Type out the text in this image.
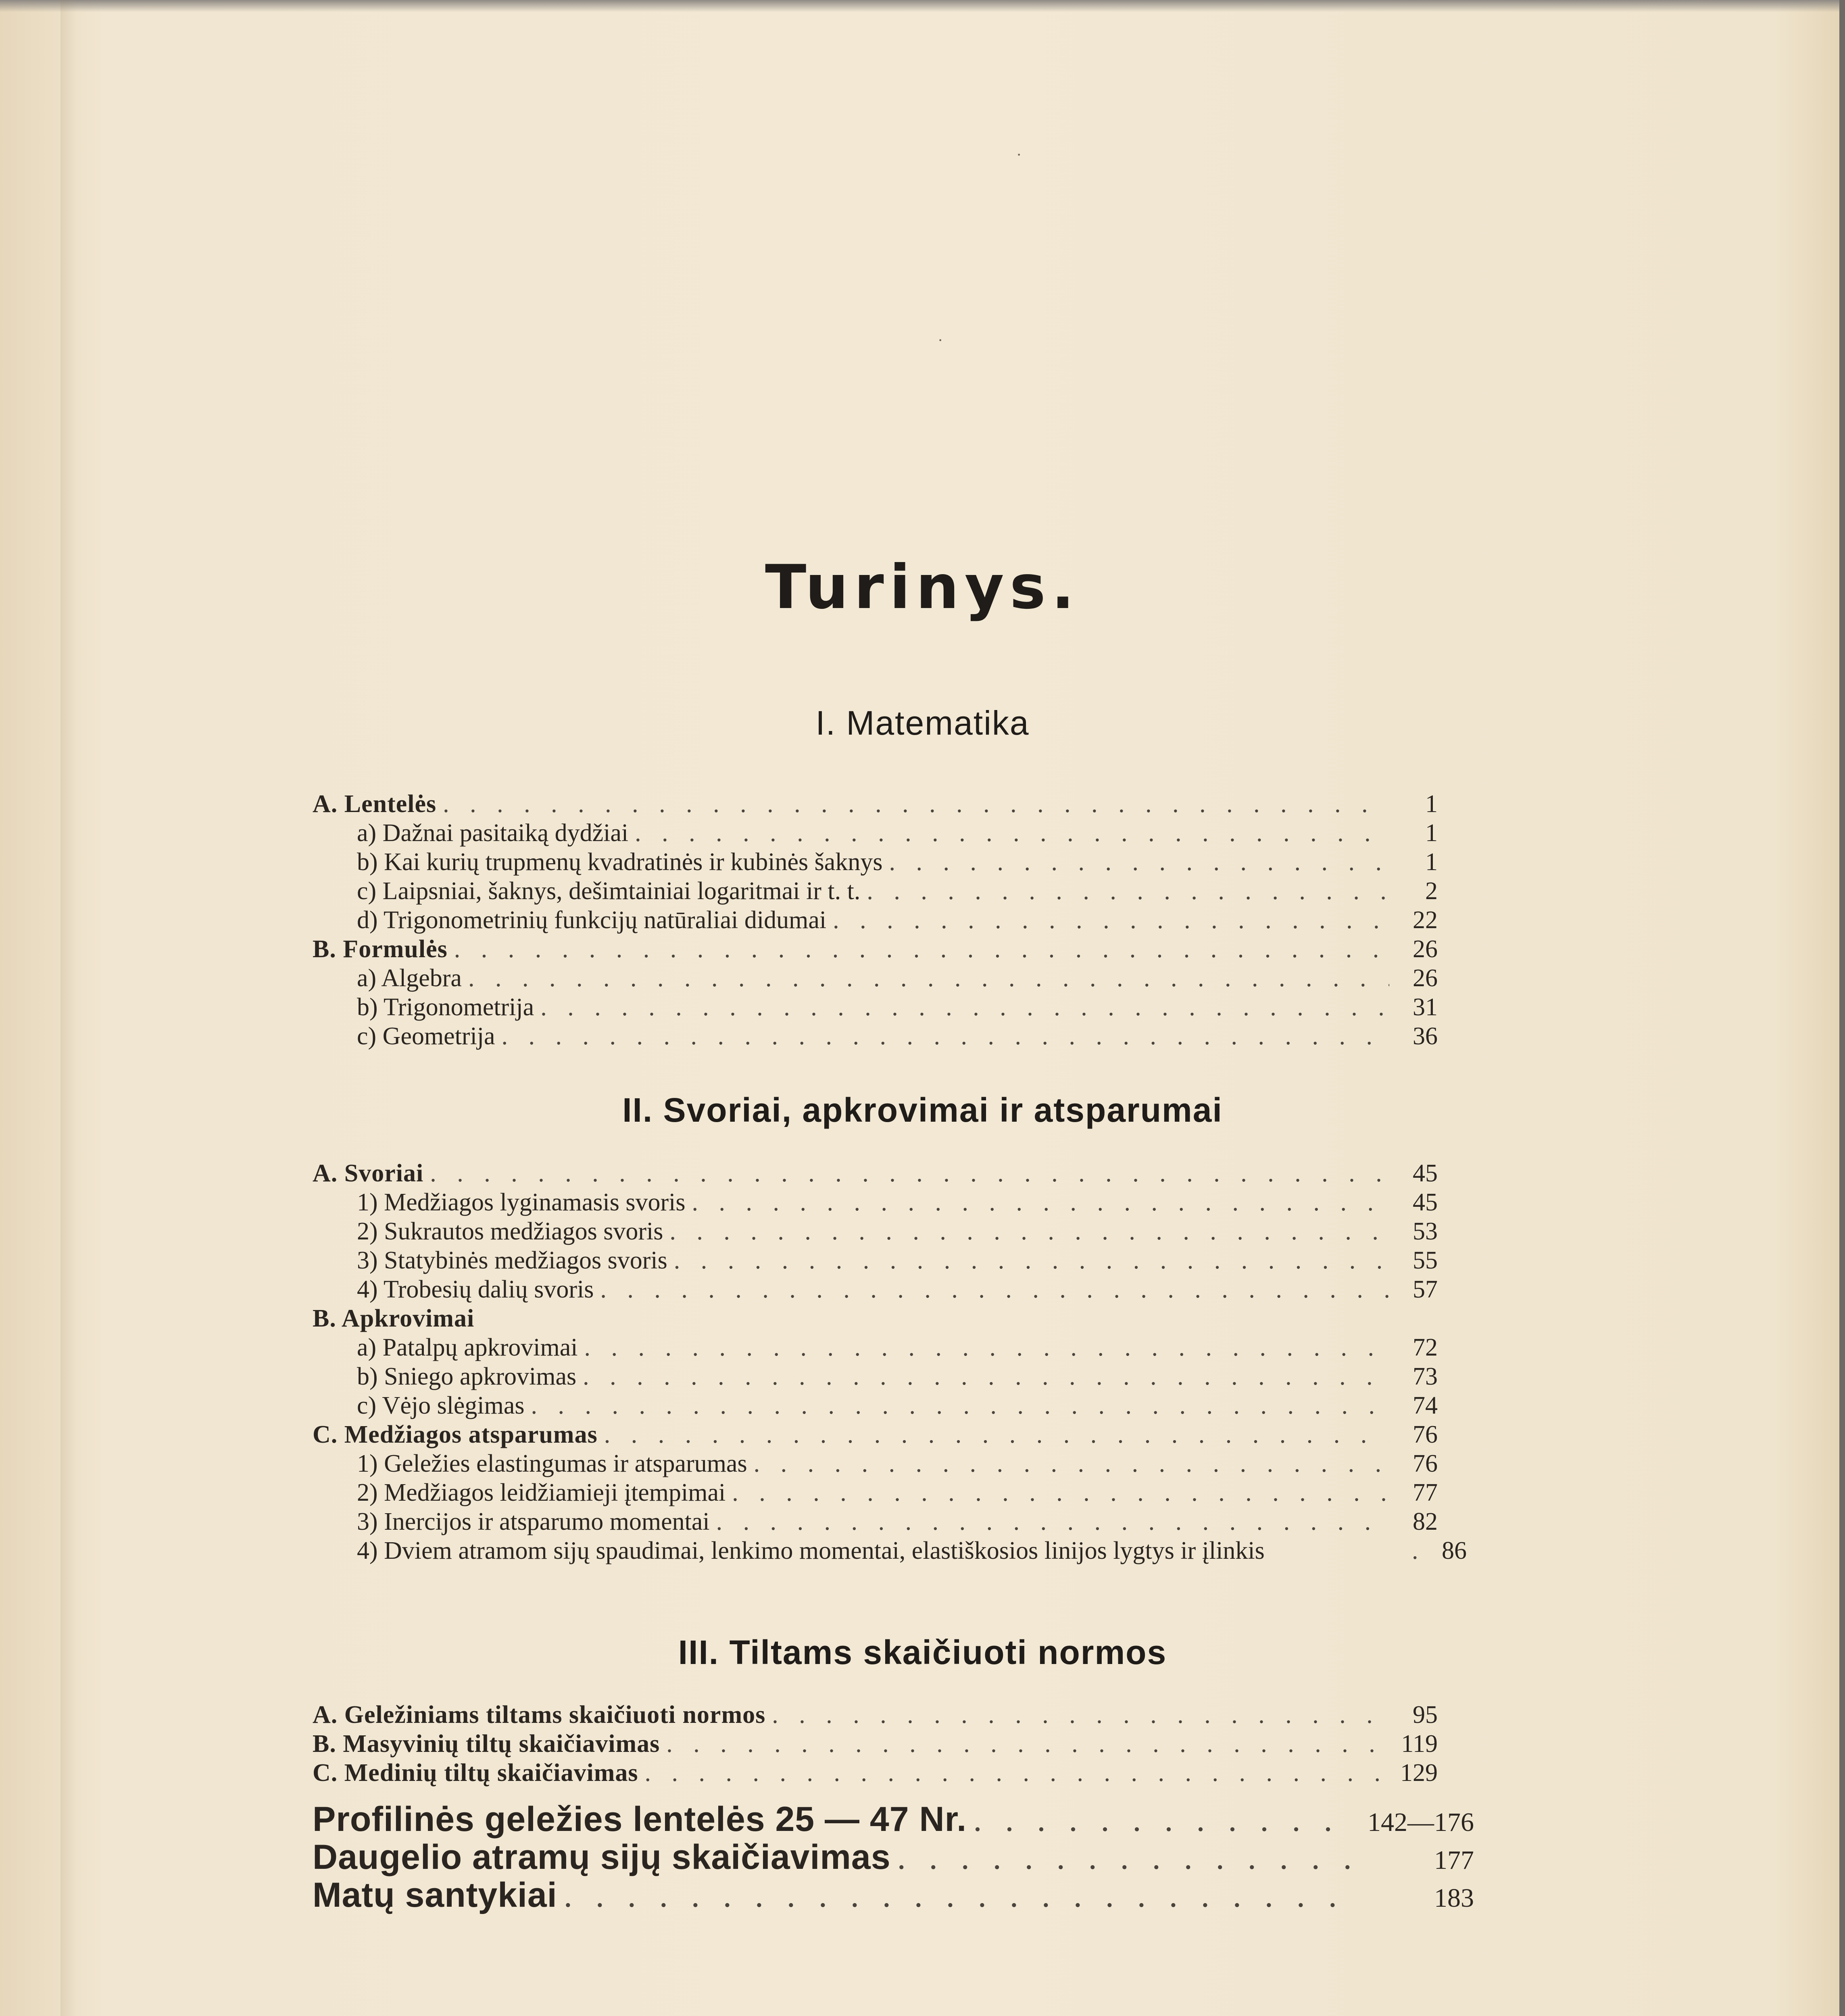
·
·
Turinys.
I. Matematika
A. Lentelės . . .	1
a) Dažnai pasitaiką dydžiai . . .	1
b) Kai kurių trupmenų kvadratinės ir kubinės šaknys . . .	1
c) Laipsniai, šaknys, dešimtainiai logaritmai ir t. t. . . .	2
d) Trigonometrinių funkcijų natūraliai didumai . . .	22
B. Formulės . . .	26
a) Algebra . . .	26
b) Trigonometrija . . .	31
c) Geometrija . . .	36
II. Svoriai, apkrovimai ir atsparumai
A. Svoriai . . .	45
1) Medžiagos lyginamasis svoris . . .	45
2) Sukrautos medžiagos svoris . . .	53
3) Statybinės medžiagos svoris . . .	55
4) Trobesių dalių svoris . . .	57
B. Apkrovimai
a) Patalpų apkrovimai . . .	72
b) Sniego apkrovimas . . .	73
c) Vėjo slėgimas . . .	74
C. Medžiagos atsparumas . . .	76
1) Geležies elastingumas ir atsparumas . . .	76
2) Medžiagos leidžiamieji įtempimai . . .	77
3) Inercijos ir atsparumo momentai . . .	82
4) Dviem atramom sijų spaudimai, lenkimo momentai, elastiškosios linijos lygtys ir įlinkis . . .	86
III. Tiltams skaičiuoti normos
A. Geležiniams tiltams skaičiuoti normos . . .	95
B. Masyvinių tiltų skaičiavimas . . .	119
C. Medinių tiltų skaičiavimas . . .	129
Profilinės geležies lentelės 25 — 47 Nr. . . .	142—176
Daugelio atramų sijų skaičiavimas . . .	177
Matų santykiai . . .	183
